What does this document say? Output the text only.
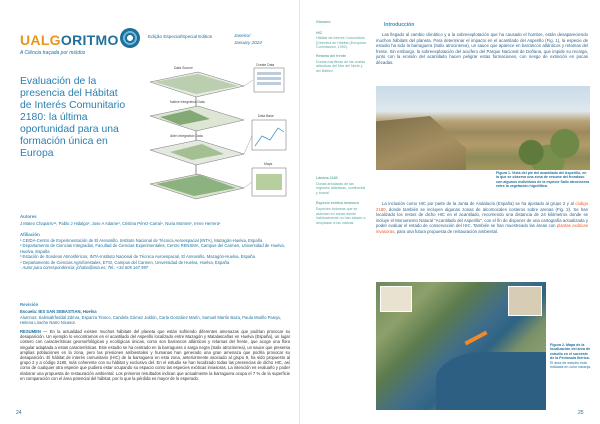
UALGORITMO
A Ciência traçada por miúdos
Edição Especial/Special Edition	Janeiro/
January 2024
Evaluación de la presencia del Hábitat de Interés Comunitario 2180: la última oportunidad para una formación única en Europa
Data Source
Create Data
Native Integration Data
Alien Integration Data
Data Base
Maps
Autores
J Mateo Chaparro¹², Pablo J Hidalgo², Jose A Adame³, Cristina Pérez-Carral⁴, Nuria Montes⁵, Irene Herrera¹
Afiliación
¹ CEIDA-Centro de Experimentación de El Arenosillo, Instituto Nacional de Técnica Aeroespacial (INTA), Mazagón-Huelva, España
² Departamento de Ciencias Integradas, Facultad de Ciencias Experimentales, Centro RENSMA, Campus del Carmen, Universidad de Huelva, Huelva, España
³ Estación de Sondeos Atmosféricos, INTA-Instituto Nacional de Técnica Aeroespacial, El Arenosillo, Mazagón-Huelva, España
⁴ Departamento de Ciencias Agroforestales, ETSI, Campus del Carmen, Universidad de Huelva, Huelva, España
· Autor para correspondencia: jchaba@inta.es; Tel.: +34 605 167 997
Revisión
Escuela: IES SAN SEBASTIAN, Huelva
Alumnos: Salimallrfeddal Zdmra, Esparza Tinoco, Candela Gómez Jaldón, Carla González Marín, Samuel Martín Baza, Paula Murillo Pareja, Helena Lirache Natro Nicasor.
RESUMEN — En la actualidad existen muchos hábitats del planeta que están sufriendo diferentes amenazas que podrían provocar su desaparición. Un ejemplo lo encontramos en el acantilado del Asperillo localizado entre Mazagón y Matalascañas en Huelva (España), un lugar costero con características geomorfológicas y ecológicas únicas, como son barrancos atlánticos y retamas del frente, que acoge una flora singular adaptada a estas características. Este estudio se ha centrado en la barraguera o sarga negra (Salix atrocinerea), un sauce que presenta amplias poblaciones en la zona, pero las presiones ambientales y humanas han generado una gran amenaza que podría provocar su desaparición. El hábitat de interés comunitario (HIC) de la barraguera en esta zona, anteriormente asociado al grupo 9, ha sido propuesto al grupo 2 y a código 2180, más coherente con su hábitat y exclusivo del. En el estudio se han localizado todas las presencias de dicho HIC, así como de cualquier otra especie que pudiera estar ocupando su espacio como las especies exóticas invasoras. La intención es evaluarlo y poder elaborar una propuesta de restauración ambiental. Los primeros resultados indican que actualmente la barraguera ocupa el 7 % de la superficie en comparación con el área potencial del hábitat, por lo que la pérdida es mayor de lo esperado.
24
Glosario
HIC
Hábitat de Interés Comunitario (Directiva de Hábitat (European Commission, 1992).
Retama del frente
Dunas marítimas de las costas atlánticas del Mar del Norte y del Báltico.
Lámina 2180
Dunas arboladas de las regiones atlánticas, continental y boreal.
Especie exótica invasora
Especies foráneas que se asientan en zonas donde habitualmente no han estado a desplazan a las nativas.
Introducción
Las llegado al cambio climático y a la sobreexplotación que ha causado el hombre, están desapareciendo muchos hábitats del planeta. Para determinar el impacto en el acantilado del Asperillo (Fig. 1), la especie de estudio ha sido la barraguera (Salix atrocinerea), un sauce que aparece en barrancos atlánticos y retamas del frente. Sin embargo, la sobreexplotación del acuífero del Parque Nacional de Doñana, que impide su recarga, junto con la erosión del acantilado hacen peligrar estas formaciones, con riesgo de extinción en pocas décadas.
Figura 1. Vista del pie del acantilado del Asperillo, en la que se observa una zona de resume del frondoso con algunos individuos de la especie Salix atrocinerea entre la vegetación higrófitica.
La inclusión como HIC por parte de la Junta de Andalucía (España) se ha ajustado al grupo 2 y al código 2180, donde también se incluyen algunas zonas de alcornocales costeros sobre arenas (Fig. 2). Se han localizado los restos de dicho HIC en el acantilado, recorriendo una distancia de 24 kilómetros donde se incluye el Monumento Natural "Acantilado del Asperillo", con el fin de disponer de una cartografía actualizada y poder evaluar el estado de conservación del HIC. También se han muestreado las áreas con plantas exóticas invasoras, para una futura propuesta de restauración ambiental.
Figura 2. Mapa de la localización del área de estudio en el suroeste de la Península Ibérica. El área de estudio está indicada en color naranja.
25
